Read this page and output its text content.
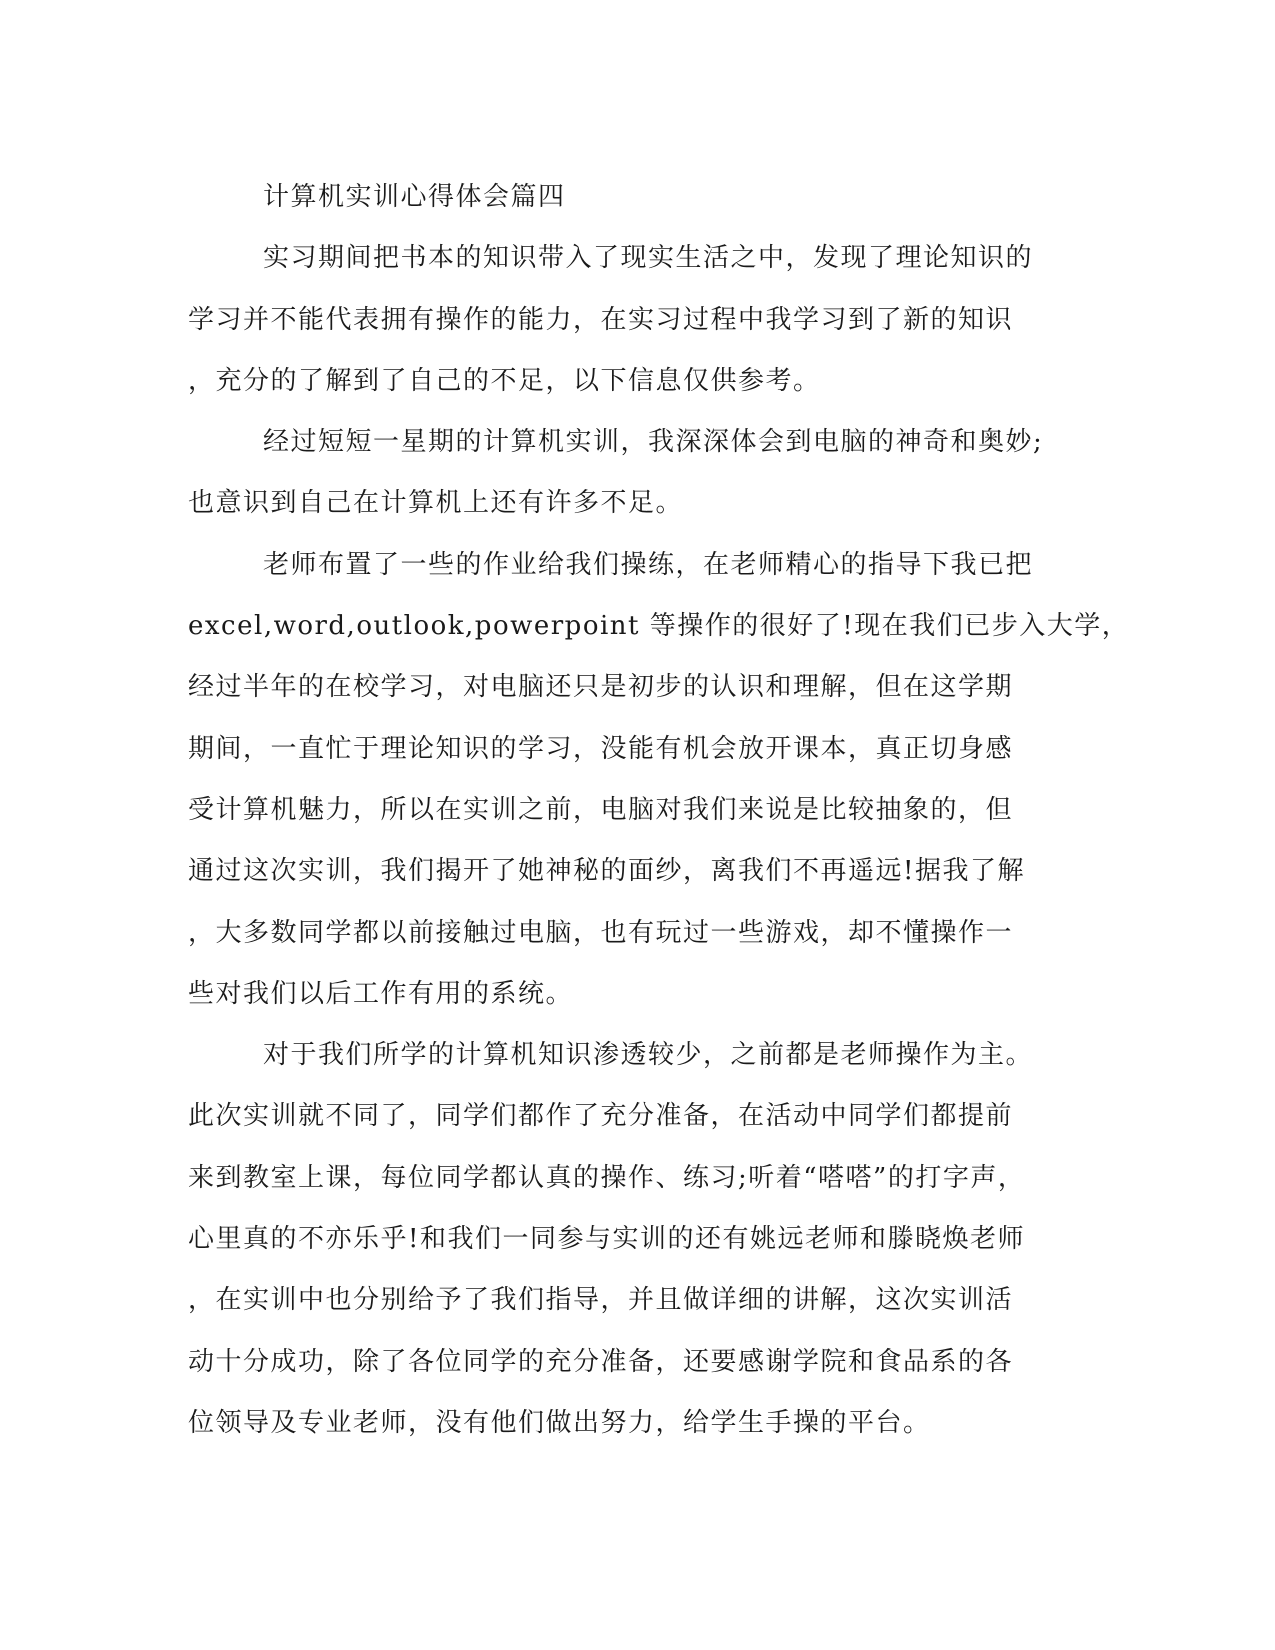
计算机实训心得体会篇四
实习期间把书本的知识带入了现实生活之中，发现了理论知识的
学习并不能代表拥有操作的能力，在实习过程中我学习到了新的知识
，充分的了解到了自己的不足，以下信息仅供参考。
经过短短一星期的计算机实训，我深深体会到电脑的神奇和奥妙;
也意识到自己在计算机上还有许多不足。
老师布置了一些的作业给我们操练，在老师精心的指导下我已把
excel,word,outlook,powerpoint 等操作的很好了!现在我们已步入大学，
经过半年的在校学习，对电脑还只是初步的认识和理解，但在这学期
期间，一直忙于理论知识的学习，没能有机会放开课本，真正切身感
受计算机魅力，所以在实训之前，电脑对我们来说是比较抽象的，但
通过这次实训，我们揭开了她神秘的面纱，离我们不再遥远!据我了解
，大多数同学都以前接触过电脑，也有玩过一些游戏，却不懂操作一
些对我们以后工作有用的系统。
对于我们所学的计算机知识渗透较少，之前都是老师操作为主。
此次实训就不同了，同学们都作了充分准备，在活动中同学们都提前
来到教室上课，每位同学都认真的操作、练习;听着“嗒嗒”的打字声，
心里真的不亦乐乎!和我们一同参与实训的还有姚远老师和滕晓焕老师
，在实训中也分别给予了我们指导，并且做详细的讲解，这次实训活
动十分成功，除了各位同学的充分准备，还要感谢学院和食品系的各
位领导及专业老师，没有他们做出努力，给学生手操的平台。
